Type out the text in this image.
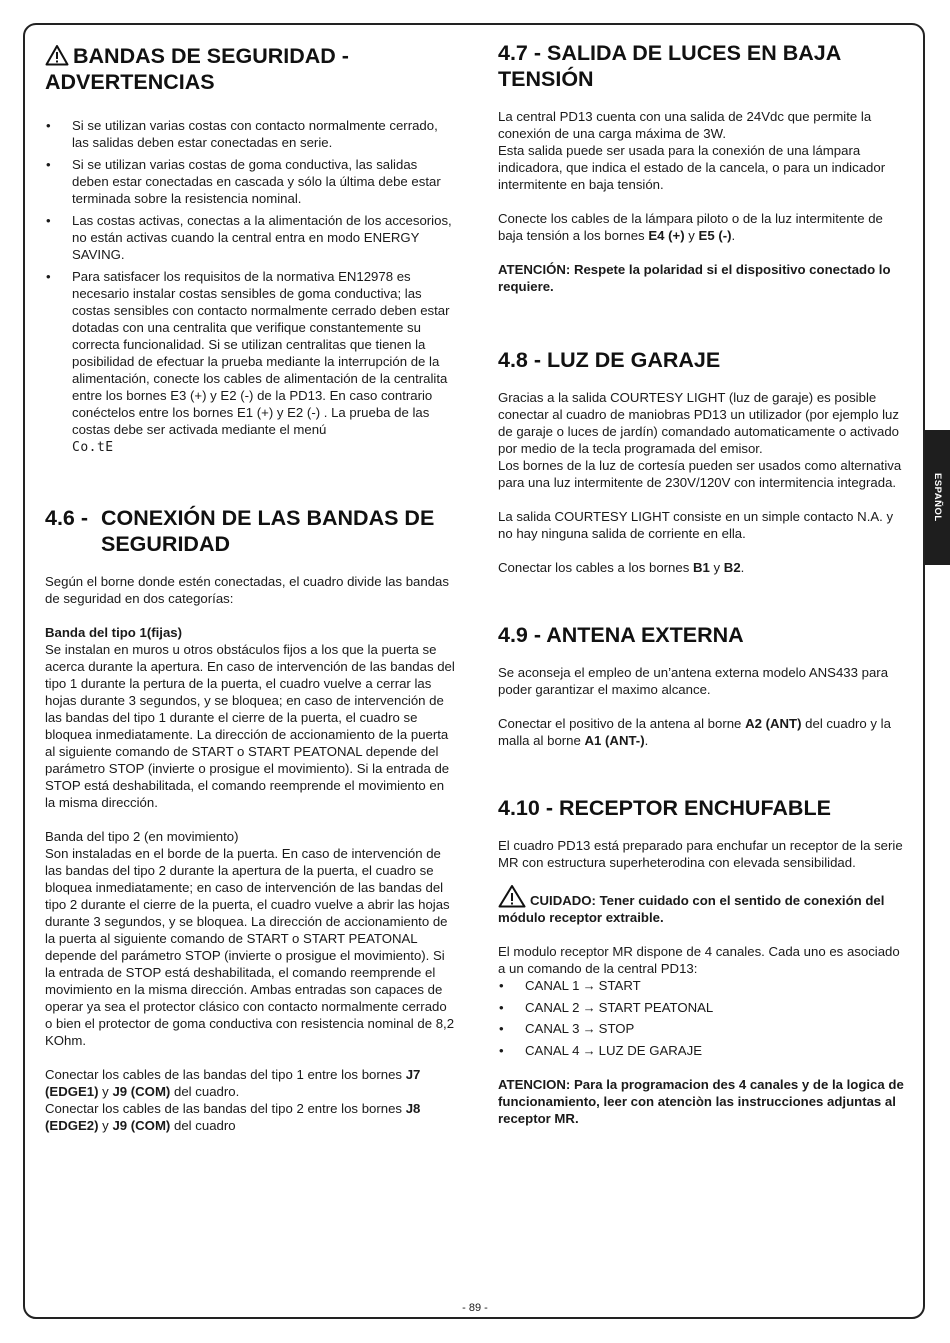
BANDAS DE SEGURIDAD -
ADVERTENCIAS
• Si se utilizan varias costas con contacto normalmente cerrado, las salidas deben estar conectadas en serie.
• Si se utilizan varias costas de goma conductiva, las salidas deben estar conectadas en cascada y sólo la última debe estar terminada sobre la resistencia nominal.
• Las costas activas, conectas a la alimentación de los accesorios, no están activas cuando la central entra en modo ENERGY SAVING.
• Para satisfacer los requisitos de la normativa EN12978 es necesario instalar costas sensibles de goma conductiva; las costas sensibles con contacto normalmente cerrado deben estar dotadas con una centralita que verifique constantemente su correcta funcionalidad. Si se utilizan centralitas que tienen la posibilidad de efectuar la prueba mediante la interrupción de la alimentación, conecte los cables de alimentación de la centralita entre los bornes E3 (+) y E2 (-) de la PD13. En caso contrario conéctelos entre los bornes E1 (+) y E2 (-) . La prueba de las costas debe ser activada mediante el menú
Co.tE
4.6 - CONEXIÓN DE LAS BANDAS DE SEGURIDAD

Según el borne donde estén conectadas, el cuadro divide las bandas de seguridad en dos categorías:

Banda del tipo 1(fijas)

Se instalan en muros u otros obstáculos fijos a los que la puerta se acerca durante la apertura. En caso de intervención de las bandas del tipo 1 durante la pertura de la puerta, el cuadro vuelve a cerrar las hojas durante 3 segundos, y se bloquea; en caso de intervención de las bandas del tipo 1 durante el cierre de la puerta, el cuadro se bloquea inmediatamente. La dirección de accionamiento de la puerta al siguiente comando de START o START PEATONAL depende del parámetro STOP (invierte o prosigue el movimiento). Si la entrada de STOP está deshabilitada, el comando reemprende el movimiento en la misma dirección.

Banda del tipo 2 (en movimiento)

Son instaladas en el borde de la puerta. En caso de intervención de las bandas del tipo 2 durante la apertura de la puerta, el cuadro se bloquea inmediatamente; en caso de intervención de las bandas del tipo 2 durante el cierre de la puerta, el cuadro vuelve a abrir las hojas durante 3 segundos, y se bloquea. La dirección de accionamiento de la puerta al siguiente comando de START o START PEATONAL depende del parámetro STOP (invierte o prosigue el movimiento). Si la entrada de STOP está deshabilitada, el comando reemprende el movimiento en la misma dirección. Ambas entradas son capaces de operar ya sea el protector clásico con contacto normalmente cerrado o bien el protector de goma conductiva con resistencia nominal de 8,2 KOhm.

Conectar los cables de las bandas del tipo 1 entre los bornes J7 (EDGE1) y J9 (COM) del cuadro.

Conectar los cables de las bandas del tipo 2 entre los bornes J8 (EDGE2) y J9 (COM) del cuadro

4.7 - SALIDA DE LUCES EN BAJA
TENSIÓN

La central PD13 cuenta con una salida de 24Vdc que permite la conexión de una carga máxima de 3W.

Esta salida puede ser usada para la conexión de una lámpara indicadora, que indica el estado de la cancela, o para un indicador intermitente en baja tensión.

Conecte los cables de la lámpara piloto o de la luz intermitente de baja tensión a los bornes E4 (+) y E5 (-).

ATENCIÓN: Respete la polaridad si el dispositivo conectado lo requiere.

4.8 - LUZ DE GARAJE

Gracias a la salida COURTESY LIGHT (luz de garaje) es posible conectar al cuadro de maniobras PD13 un utilizador (por ejemplo luz de garaje o luces de jardín) comandado automaticamente o activado por medio de la tecla programada del emisor.

Los bornes de la luz de cortesía pueden ser usados como alternativa para una luz intermitente de 230V/120V con intermitencia integrada.

La salida COURTESY LIGHT consiste en un simple contacto N.A. y no hay ninguna salida de corriente en ella.

Conectar los cables a los bornes B1 y B2.

4.9 - ANTENA EXTERNA

Se aconseja el empleo de un’antena externa modelo ANS433 para poder garantizar el maximo alcance.

Conectar el positivo de la antena al borne A2 (ANT) del cuadro y la malla al borne A1 (ANT-).

4.10 - RECEPTOR ENCHUFABLE

El cuadro PD13 está preparado para enchufar un receptor de la serie MR con estructura superheterodina con elevada sensibilidad.

CUIDADO: Tener cuidado con el sentido de conexión del módulo receptor extraible.

El modulo receptor MR dispone de 4 canales. Cada uno es asociado a un comando de la central PD13:

• CANAL 1 → START
• CANAL 2 → START PEATONAL
• CANAL 3 → STOP
• CANAL 4 → LUZ DE GARAJE

ATENCION: Para la programacion des 4 canales y de la logica de funcionamiento, leer con atenciòn las instrucciones adjuntas al receptor MR.

ESPAÑOL
- 89 -
